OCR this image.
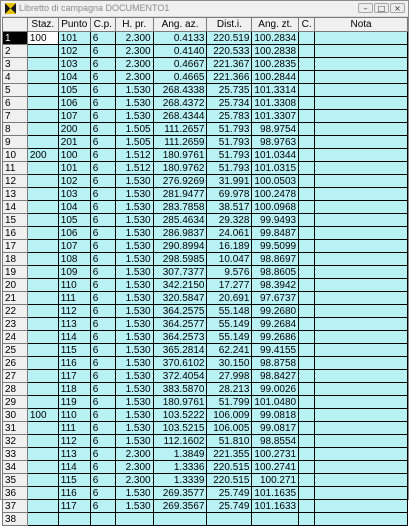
Libretto di campagna DOCUMENTO1	–	□	×
	Staz.	Punto	C.p.	H. pr.	Ang. az.	Dist.i.	Ang. zt.	C.	Nota
1	100	101	6	2.300	0.4133	220.519	100.2834		
2		102	6	2.300	0.4140	220.533	100.2838		
3		103	6	2.300	0.4667	221.367	100.2835		
4		104	6	2.300	0.4665	221.366	100.2844		
5		105	6	1.530	268.4338	25.735	101.3314		
6		106	6	1.530	268.4372	25.734	101.3308		
7		107	6	1.530	268.4344	25.783	101.3307		
8		200	6	1.505	111.2657	51.793	98.9754		
9		201	6	1.505	111.2659	51.793	98.9763		
10	200	100	6	1.512	180.9761	51.793	101.0344		
11		101	6	1.512	180.9762	51.793	101.0315		
12		102	6	1.530	276.9269	31.991	100.0503		
13		103	6	1.530	281.9477	69.978	100.2478		
14		104	6	1.530	283.7858	38.517	100.0968		
15		105	6	1.530	285.4634	29.328	99.9493		
16		106	6	1.530	286.9837	24.061	99.8487		
17		107	6	1.530	290.8994	16.189	99.5099		
18		108	6	1.530	298.5985	10.047	98.8697		
19		109	6	1.530	307.7377	9.576	98.8605		
20		110	6	1.530	342.2150	17.277	98.3942		
21		111	6	1.530	320.5847	20.691	97.6737		
22		112	6	1.530	364.2575	55.148	99.2680		
23		113	6	1.530	364.2577	55.149	99.2684		
24		114	6	1.530	364.2573	55.149	99.2686		
25		115	6	1.530	365.2814	62.241	99.4155		
26		116	6	1.530	370.6102	30.150	98.8758		
27		117	6	1.530	372.4054	27.998	98.8427		
28		118	6	1.530	383.5870	28.213	99.0026		
29		119	6	1.530	180.9761	51.799	101.0480		
30	100	110	6	1.530	103.5222	106.009	99.0818		
31		111	6	1.530	103.5215	106.005	99.0817		
32		112	6	1.530	112.1602	51.810	98.8554		
33		113	6	2.300	1.3849	221.355	100.2731		
34		114	6	2.300	1.3336	220.515	100.2741		
35		115	6	2.300	1.3339	220.515	100.271		
36		116	6	1.530	269.3577	25.749	101.1635		
37		117	6	1.530	269.3567	25.749	101.1633		
38									
